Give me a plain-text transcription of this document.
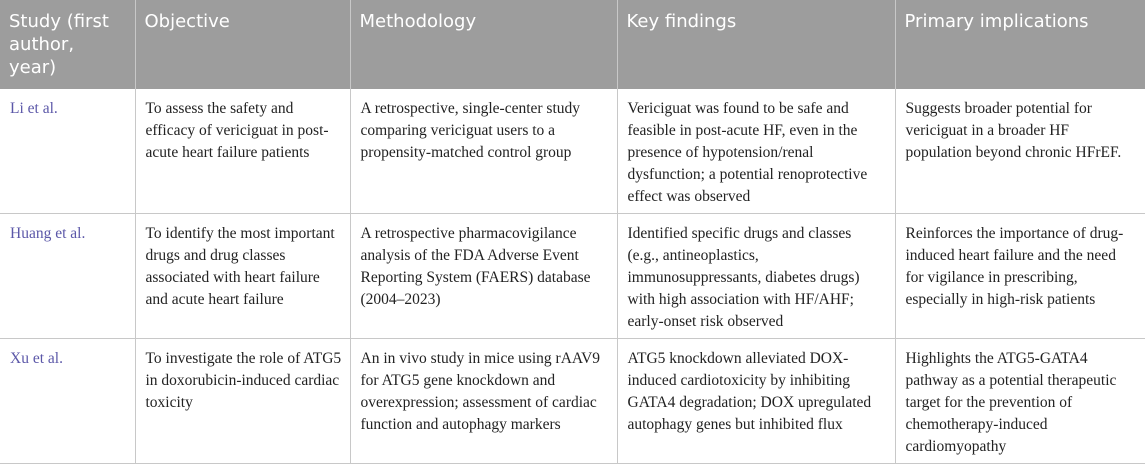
Study (first author, year)	Objective	Methodology	Key findings	Primary implications
Li et al.	To assess the safety and efficacy of vericiguat in post-acute heart failure patients	A retrospective, single-center study comparing vericiguat users to a propensity-matched control group	Vericiguat was found to be safe and feasible in post-acute HF, even in the presence of hypotension/renal dysfunction; a potential renoprotective effect was observed	Suggests broader potential for vericiguat in a broader HF population beyond chronic HFrEF.
Huang et al.	To identify the most important drugs and drug classes associated with heart failure and acute heart failure	A retrospective pharmacovigilance analysis of the FDA Adverse Event Reporting System (FAERS) database (2004–2023)	Identified specific drugs and classes (e.g., antineoplastics, immunosuppressants, diabetes drugs) with high association with HF/AHF; early-onset risk observed	Reinforces the importance of drug-induced heart failure and the need for vigilance in prescribing, especially in high-risk patients
Xu et al.	To investigate the role of ATG5 in doxorubicin-induced cardiac toxicity	An in vivo study in mice using rAAV9 for ATG5 gene knockdown and overexpression; assessment of cardiac function and autophagy markers	ATG5 knockdown alleviated DOX-induced cardiotoxicity by inhibiting GATA4 degradation; DOX upregulated autophagy genes but inhibited flux	Highlights the ATG5-GATA4 pathway as a potential therapeutic target for the prevention of chemotherapy-induced cardiomyopathy
